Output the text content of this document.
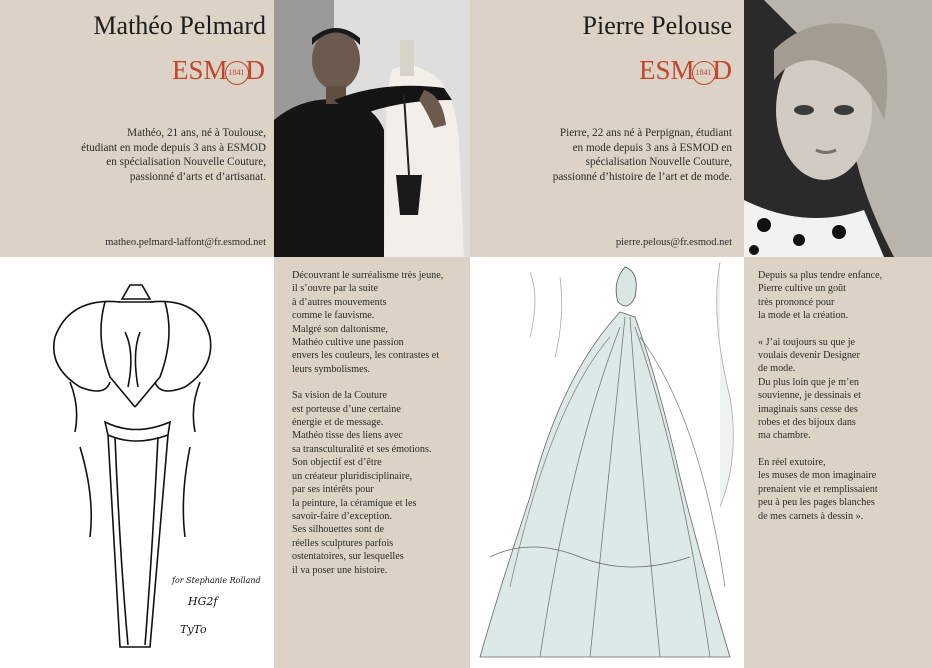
Mathéo Pelmard
ESM1841D
Mathéo, 21 ans, né à Toulouse,
étudiant en mode depuis 3 ans à ESMOD
en spécialisation Nouvelle Couture,
passionné d’arts et d’artisanat.
matheo.pelmard-laffont@fr.esmod.net
for Stephanie Rolland
HG2f
TyTo

Découvrant le surréalisme très jeune,
il s’ouvre par la suite
à d’autres mouvements
comme le fauvisme.
Malgré son daltonisme,
Mathéo cultive une passion
envers les couleurs, les contrastes et
leurs symbolismes.

Sa vision de la Couture
est porteuse d’une certaine
énergie et de message.
Mathéo tisse des liens avec
sa transculturalité et ses émotions.
Son objectif est d’être
un créateur pluridisciplinaire,
par ses intérêts pour
la peinture, la céramique et les
savoir-faire d’exception.
Ses silhouettes sont de
réelles sculptures parfois
ostentatoires, sur lesquelles
il va poser une histoire.

Pierre Pelouse
ESM1841D
Pierre, 22 ans né à Perpignan, étudiant
en mode depuis 3 ans à ESMOD en
spécialisation Nouvelle Couture,
passionné d’histoire de l’art et de mode.
pierre.pelous@fr.esmod.net

Depuis sa plus tendre enfance,
Pierre cultive un goût
très prononcé pour
la mode et la création.

« J’ai toujours su que je
voulais devenir Designer
de mode.
Du plus loin que je m’en
souvienne, je dessinais et
imaginais sans cesse des
robes et des bijoux dans
ma chambre.

En réel exutoire,
les muses de mon imaginaire
prenaient vie et remplissaient
peu à peu les pages blanches
de mes carnets à dessin ».
